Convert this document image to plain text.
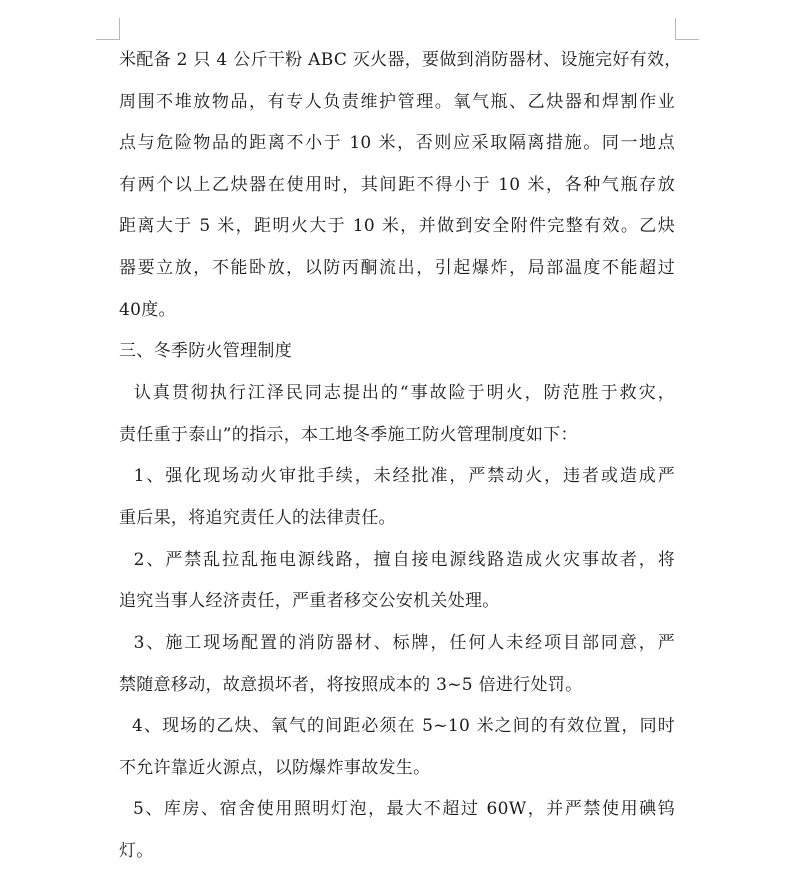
米配备 2 只 4 公斤干粉 ABC 灭火器，要做到消防器材、设施完好有效，
周围不堆放物品，有专人负责维护管理。氧气瓶、乙炔器和焊割作业
点与危险物品的距离不小于 10 米，否则应采取隔离措施。同一地点
有两个以上乙炔器在使用时，其间距不得小于 10 米，各种气瓶存放
距离大于 5 米，距明火大于 10 米，并做到安全附件完整有效。乙炔
器要立放，不能卧放，以防丙酮流出，引起爆炸，局部温度不能超过
40度。
三、冬季防火管理制度
认真贯彻执行江泽民同志提出的“事故险于明火，防范胜于救灾，
责任重于泰山”的指示，本工地冬季施工防火管理制度如下：
1、强化现场动火审批手续，未经批准，严禁动火，违者或造成严
重后果，将追究责任人的法律责任。
2、严禁乱拉乱拖电源线路，擅自接电源线路造成火灾事故者，将
追究当事人经济责任，严重者移交公安机关处理。
3、施工现场配置的消防器材、标牌，任何人未经项目部同意，严
禁随意移动，故意损坏者，将按照成本的 3~5 倍进行处罚。
4、现场的乙炔、氧气的间距必须在 5~10 米之间的有效位置，同时
不允许靠近火源点，以防爆炸事故发生。
5、库房、宿舍使用照明灯泡，最大不超过 60W，并严禁使用碘钨
灯。
